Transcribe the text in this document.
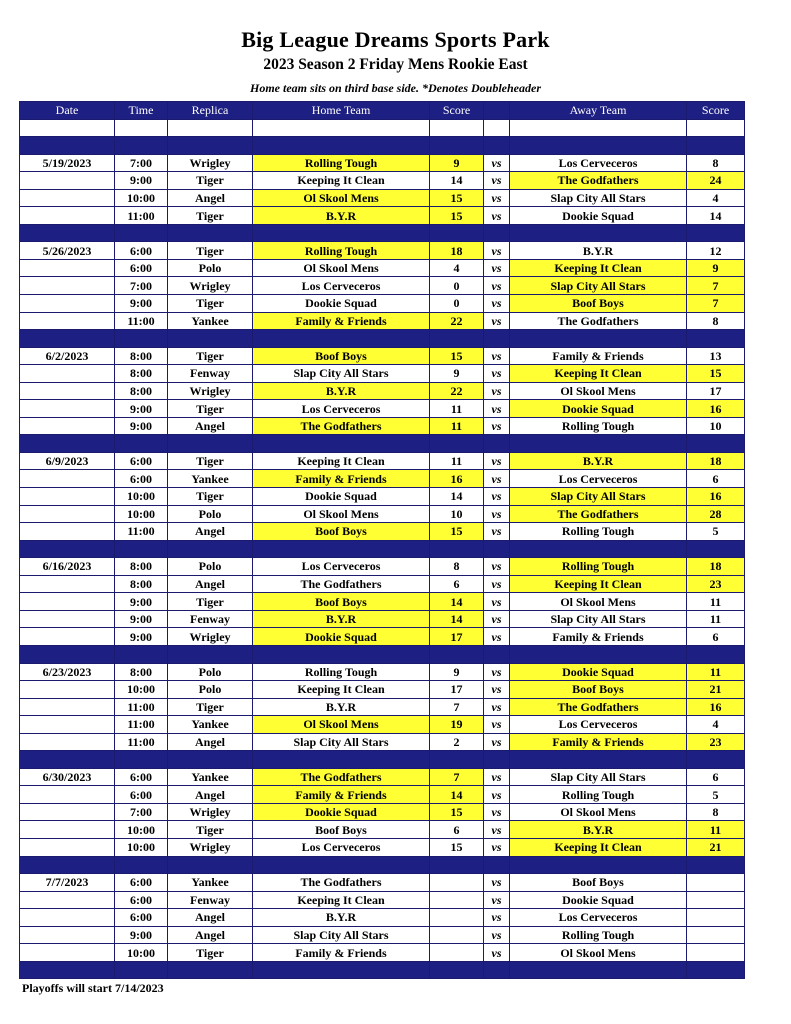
Big League Dreams Sports Park
2023 Season 2 Friday Mens Rookie East
Home team sits on third base side. *Denotes Doubleheader
Date	Time	Replica	Home Team	Score		Away Team	Score

5/19/2023	7:00	Wrigley	Rolling Tough	9	vs	Los Cerveceros	8
	9:00	Tiger	Keeping It Clean	14	vs	The Godfathers	24
	10:00	Angel	Ol Skool Mens	15	vs	Slap City All Stars	4
	11:00	Tiger	B.Y.R	15	vs	Dookie Squad	14

5/26/2023	6:00	Tiger	Rolling Tough	18	vs	B.Y.R	12
	6:00	Polo	Ol Skool Mens	4	vs	Keeping It Clean	9
	7:00	Wrigley	Los Cerveceros	0	vs	Slap City All Stars	7
	9:00	Tiger	Dookie Squad	0	vs	Boof Boys	7
	11:00	Yankee	Family & Friends	22	vs	The Godfathers	8

6/2/2023	8:00	Tiger	Boof Boys	15	vs	Family & Friends	13
	8:00	Fenway	Slap City All Stars	9	vs	Keeping It Clean	15
	8:00	Wrigley	B.Y.R	22	vs	Ol Skool Mens	17
	9:00	Tiger	Los Cerveceros	11	vs	Dookie Squad	16
	9:00	Angel	The Godfathers	11	vs	Rolling Tough	10

6/9/2023	6:00	Tiger	Keeping It Clean	11	vs	B.Y.R	18
	6:00	Yankee	Family & Friends	16	vs	Los Cerveceros	6
	10:00	Tiger	Dookie Squad	14	vs	Slap City All Stars	16
	10:00	Polo	Ol Skool Mens	10	vs	The Godfathers	28
	11:00	Angel	Boof Boys	15	vs	Rolling Tough	5

6/16/2023	8:00	Polo	Los Cerveceros	8	vs	Rolling Tough	18
	8:00	Angel	The Godfathers	6	vs	Keeping It Clean	23
	9:00	Tiger	Boof Boys	14	vs	Ol Skool Mens	11
	9:00	Fenway	B.Y.R	14	vs	Slap City All Stars	11
	9:00	Wrigley	Dookie Squad	17	vs	Family & Friends	6

6/23/2023	8:00	Polo	Rolling Tough	9	vs	Dookie Squad	11
	10:00	Polo	Keeping It Clean	17	vs	Boof Boys	21
	11:00	Tiger	B.Y.R	7	vs	The Godfathers	16
	11:00	Yankee	Ol Skool Mens	19	vs	Los Cerveceros	4
	11:00	Angel	Slap City All Stars	2	vs	Family & Friends	23

6/30/2023	6:00	Yankee	The Godfathers	7	vs	Slap City All Stars	6
	6:00	Angel	Family & Friends	14	vs	Rolling Tough	5
	7:00	Wrigley	Dookie Squad	15	vs	Ol Skool Mens	8
	10:00	Tiger	Boof Boys	6	vs	B.Y.R	11
	10:00	Wrigley	Los Cerveceros	15	vs	Keeping It Clean	21

7/7/2023	6:00	Yankee	The Godfathers		vs	Boof Boys	
	6:00	Fenway	Keeping It Clean		vs	Dookie Squad	
	6:00	Angel	B.Y.R		vs	Los Cerveceros	
	9:00	Angel	Slap City All Stars		vs	Rolling Tough	
	10:00	Tiger	Family & Friends		vs	Ol Skool Mens	

Playoffs will start 7/14/2023
